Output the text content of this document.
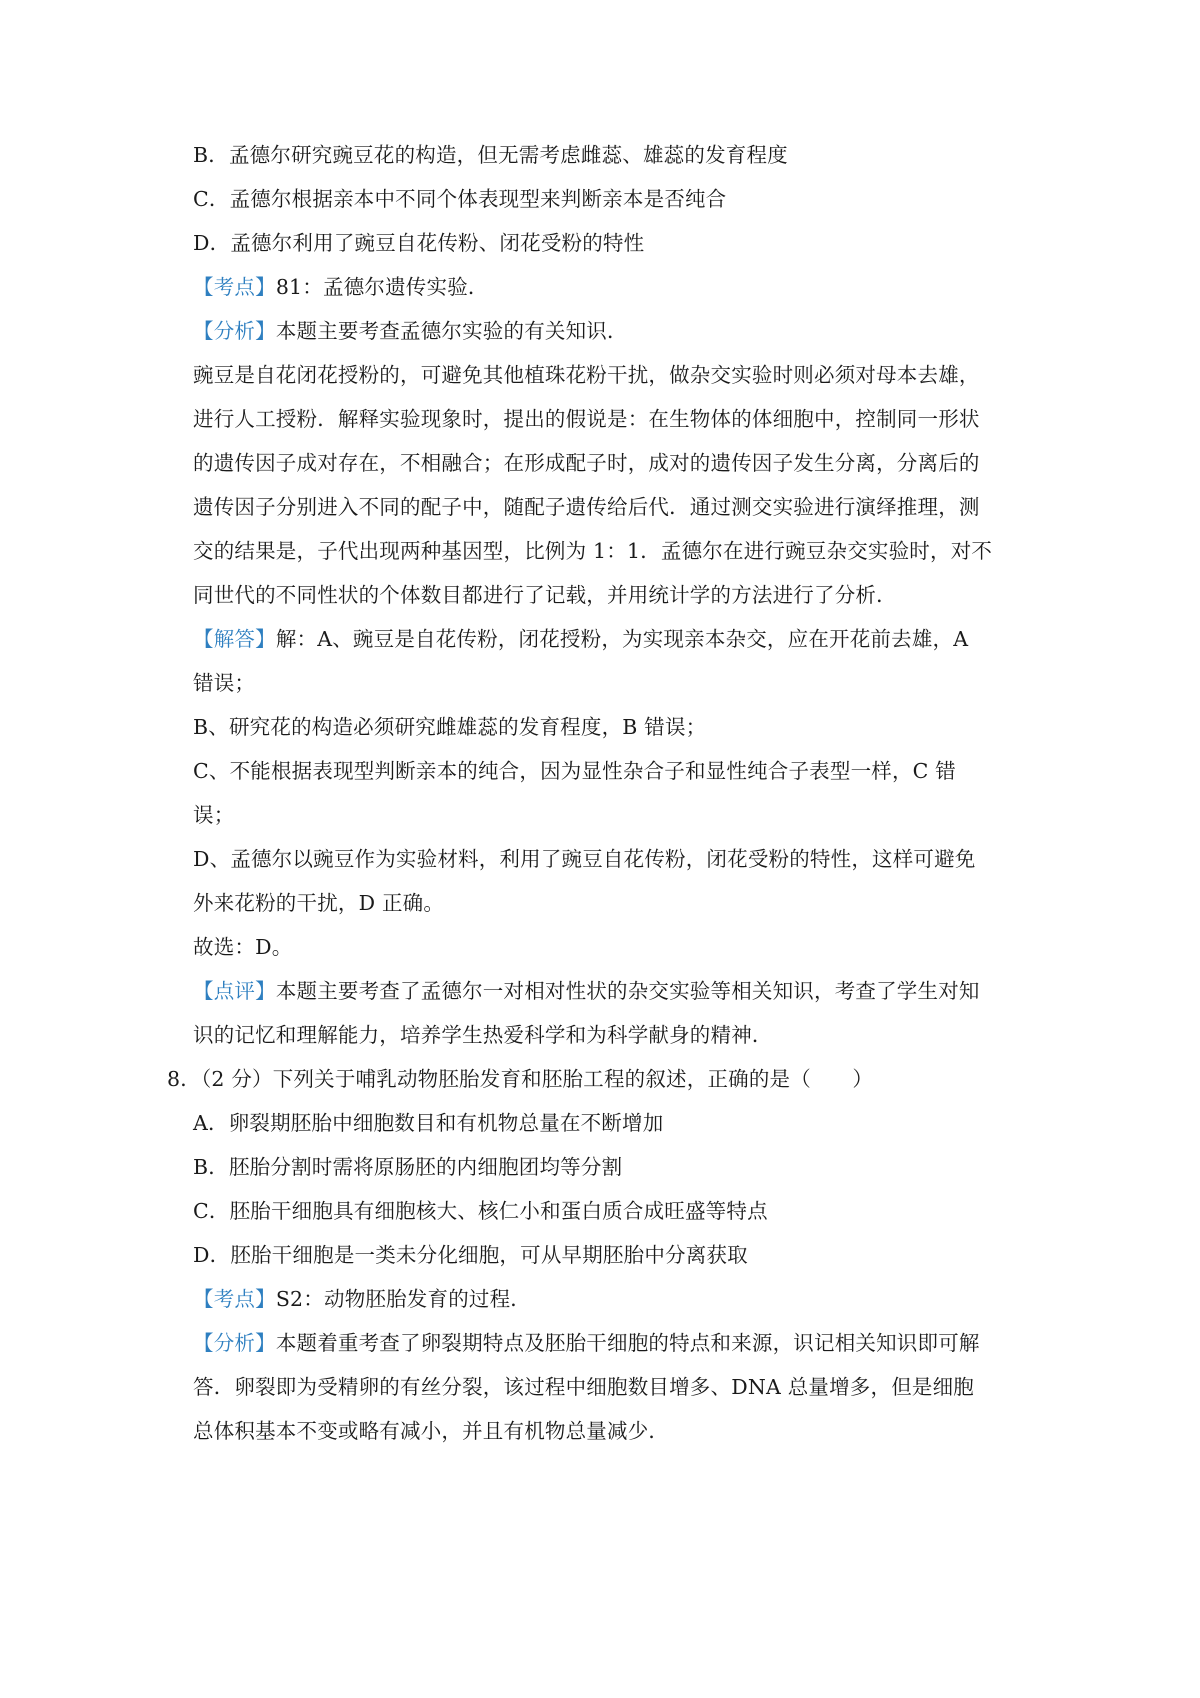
B．孟德尔研究豌豆花的构造，但无需考虑雌蕊、雄蕊的发育程度
C．孟德尔根据亲本中不同个体表现型来判断亲本是否纯合
D．孟德尔利用了豌豆自花传粉、闭花受粉的特性
【考点】81：孟德尔遗传实验．
【分析】本题主要考查孟德尔实验的有关知识．
豌豆是自花闭花授粉的，可避免其他植珠花粉干扰，做杂交实验时则必须对母本去雄，
进行人工授粉．解释实验现象时，提出的假说是：在生物体的体细胞中，控制同一形状
的遗传因子成对存在，不相融合；在形成配子时，成对的遗传因子发生分离，分离后的
遗传因子分别进入不同的配子中，随配子遗传给后代．通过测交实验进行演绎推理，测
交的结果是，子代出现两种基因型，比例为 1：1．孟德尔在进行豌豆杂交实验时，对不
同世代的不同性状的个体数目都进行了记载，并用统计学的方法进行了分析．
【解答】解：A、豌豆是自花传粉，闭花授粉，为实现亲本杂交，应在开花前去雄，A
错误；
B、研究花的构造必须研究雌雄蕊的发育程度，B 错误；
C、不能根据表现型判断亲本的纯合，因为显性杂合子和显性纯合子表型一样，C 错
误；
D、孟德尔以豌豆作为实验材料，利用了豌豆自花传粉，闭花受粉的特性，这样可避免
外来花粉的干扰，D 正确。
故选：D。
【点评】本题主要考查了孟德尔一对相对性状的杂交实验等相关知识，考查了学生对知
识的记忆和理解能力，培养学生热爱科学和为科学献身的精神．
8．（2 分）下列关于哺乳动物胚胎发育和胚胎工程的叙述，正确的是（　　）
A．卵裂期胚胎中细胞数目和有机物总量在不断增加
B．胚胎分割时需将原肠胚的内细胞团均等分割
C．胚胎干细胞具有细胞核大、核仁小和蛋白质合成旺盛等特点
D．胚胎干细胞是一类未分化细胞，可从早期胚胎中分离获取
【考点】S2：动物胚胎发育的过程．
【分析】本题着重考查了卵裂期特点及胚胎干细胞的特点和来源，识记相关知识即可解
答．卵裂即为受精卵的有丝分裂，该过程中细胞数目增多、DNA 总量增多，但是细胞
总体积基本不变或略有减小，并且有机物总量减少．
